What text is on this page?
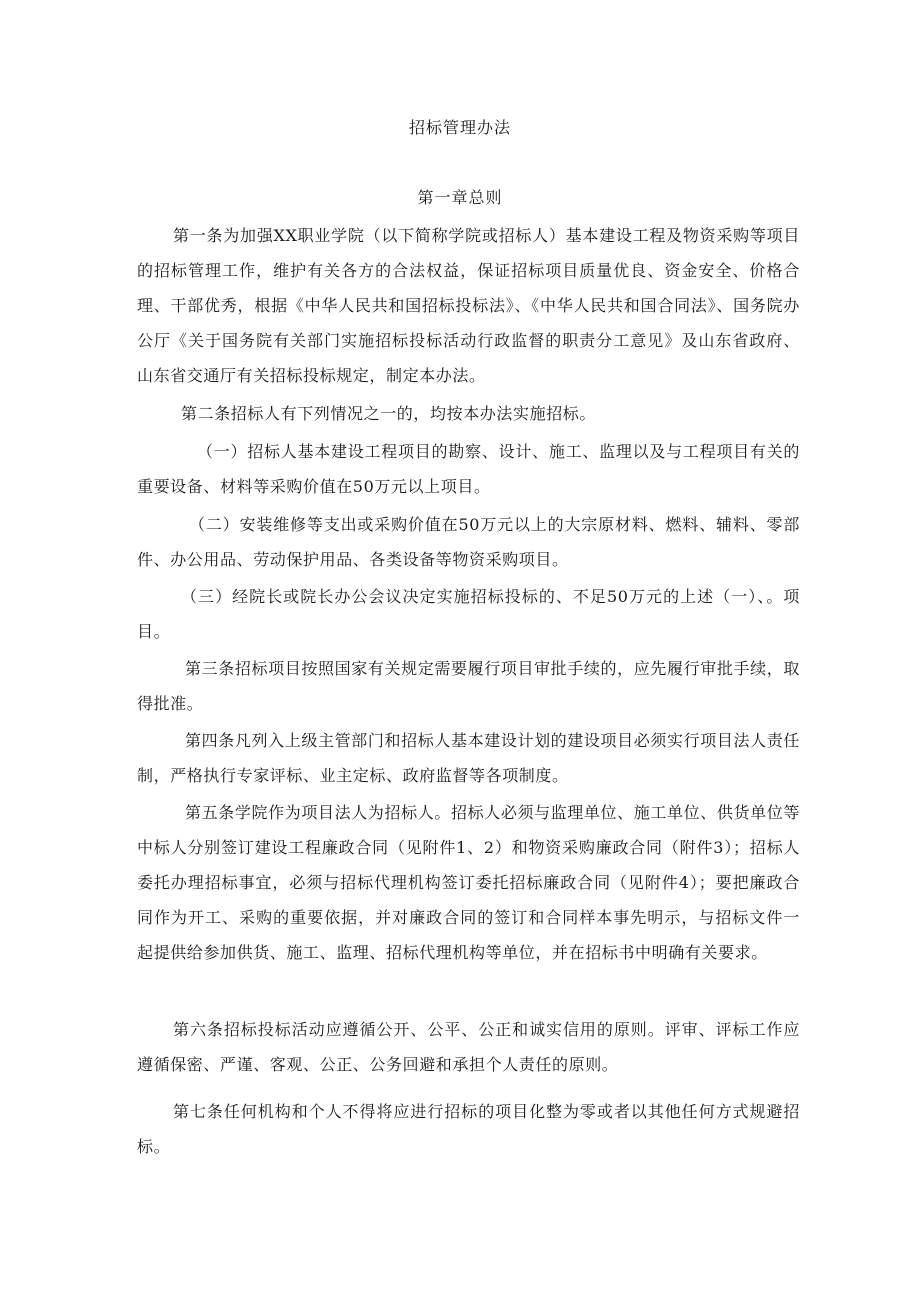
招标管理办法
第一章总则

第一条为加强XX职业学院（以下简称学院或招标人）基本建设工程及物资采购等项目的招标管理工作，维护有关各方的合法权益，保证招标项目质量优良、资金安全、价格合理、干部优秀，根据《中华人民共和国招标投标法》、《中华人民共和国合同法》、国务院办公厅《关于国务院有关部门实施招标投标活动行政监督的职责分工意见》及山东省政府、山东省交通厅有关招标投标规定，制定本办法。

第二条招标人有下列情况之一的，均按本办法实施招标。

（一）招标人基本建设工程项目的勘察、设计、施工、监理以及与工程项目有关的重要设备、材料等采购价值在50万元以上项目。

（二）安装维修等支出或采购价值在50万元以上的大宗原材料、燃料、辅料、零部件、办公用品、劳动保护用品、各类设备等物资采购项目。

（三）经院长或院长办公会议决定实施招标投标的、不足50万元的上述（一）、。项目。

第三条招标项目按照国家有关规定需要履行项目审批手续的，应先履行审批手续，取得批准。

第四条凡列入上级主管部门和招标人基本建设计划的建设项目必须实行项目法人责任制，严格执行专家评标、业主定标、政府监督等各项制度。

第五条学院作为项目法人为招标人。招标人必须与监理单位、施工单位、供货单位等中标人分别签订建设工程廉政合同（见附件1、2）和物资采购廉政合同（附件3）；招标人委托办理招标事宜，必须与招标代理机构签订委托招标廉政合同（见附件4）；要把廉政合同作为开工、采购的重要依据，并对廉政合同的签订和合同样本事先明示，与招标文件一起提供给参加供货、施工、监理、招标代理机构等单位，并在招标书中明确有关要求。

第六条招标投标活动应遵循公开、公平、公正和诚实信用的原则。评审、评标工作应遵循保密、严谨、客观、公正、公务回避和承担个人责任的原则。

第七条任何机构和个人不得将应进行招标的项目化整为零或者以其他任何方式规避招标。
